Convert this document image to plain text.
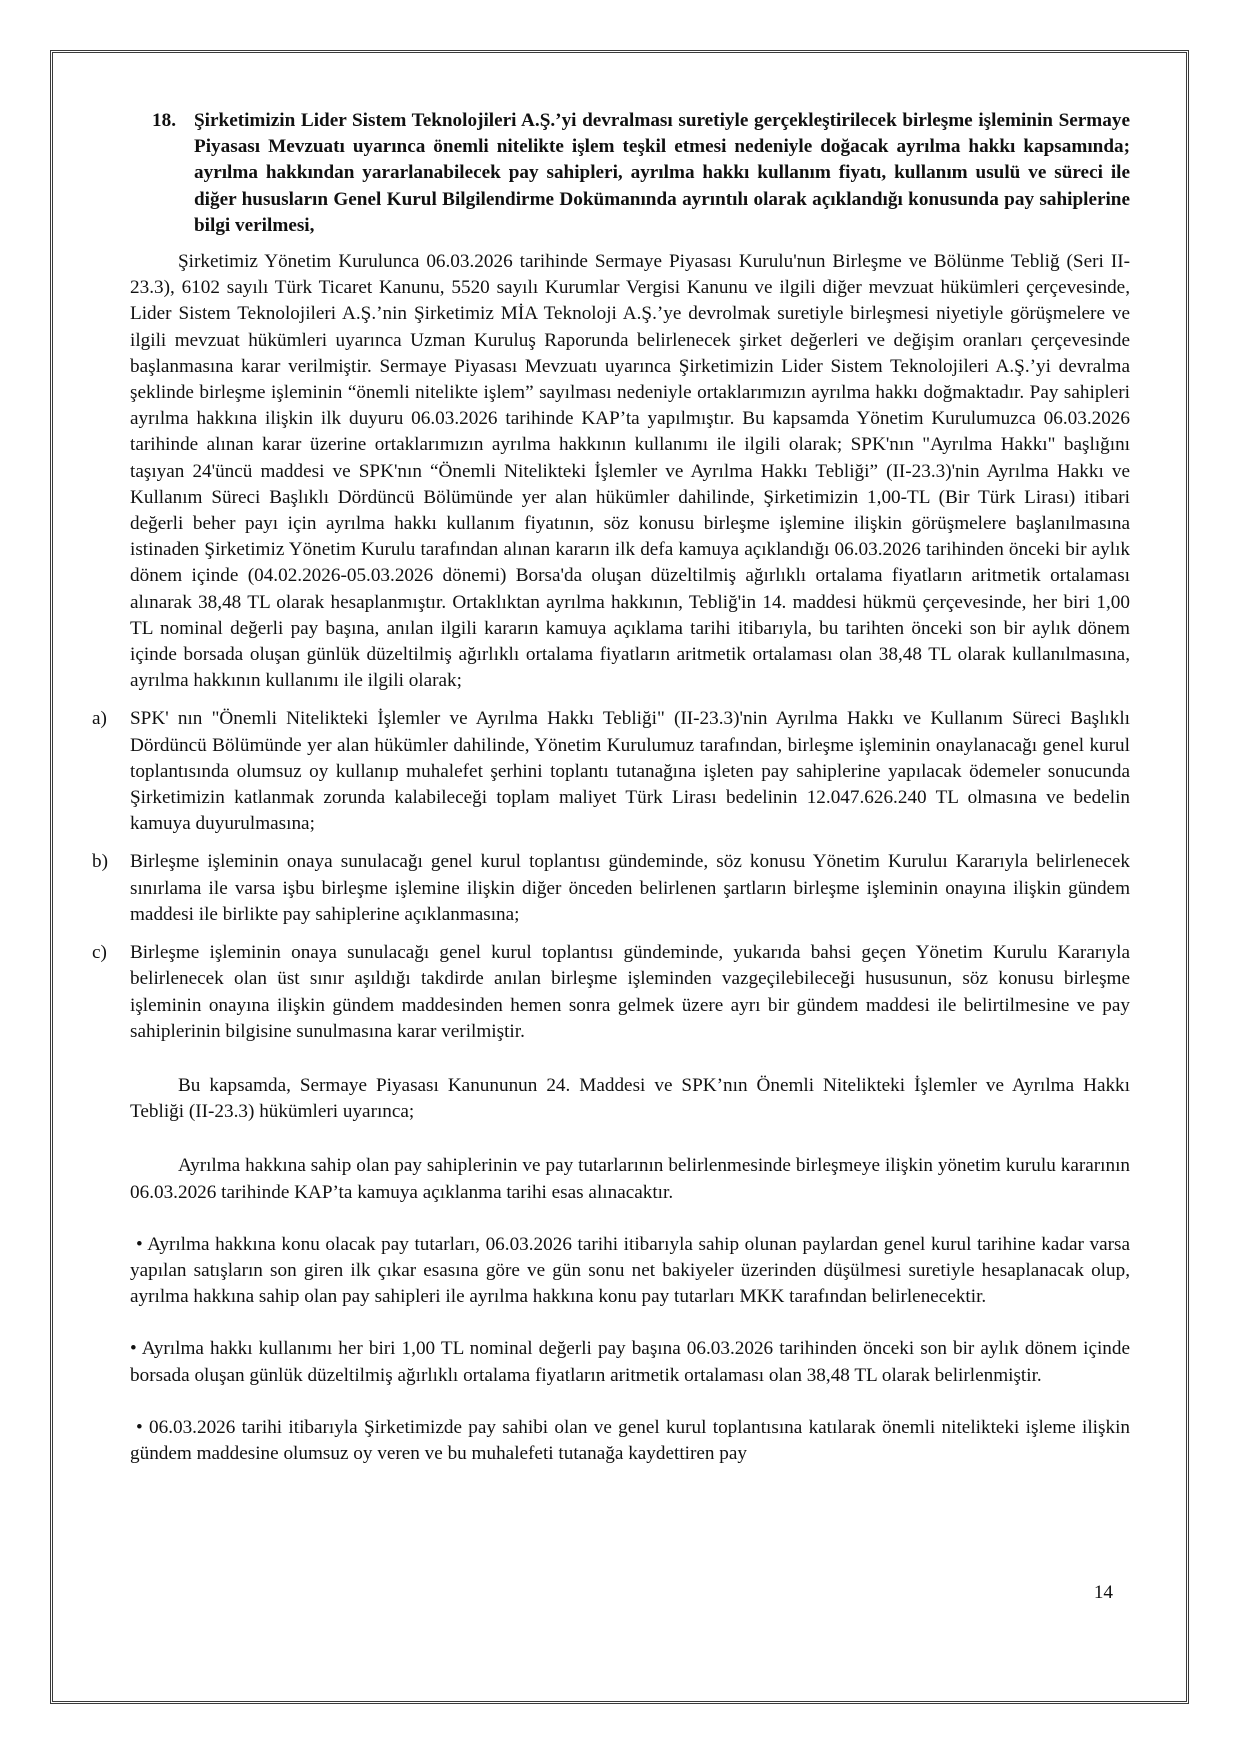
18. Şirketimizin Lider Sistem Teknolojileri A.Ş.’yi devralması suretiyle gerçekleştirilecek birleşme işleminin Sermaye Piyasası Mevzuatı uyarınca önemli nitelikte işlem teşkil etmesi nedeniyle doğacak ayrılma hakkı kapsamında; ayrılma hakkından yararlanabilecek pay sahipleri, ayrılma hakkı kullanım fiyatı, kullanım usulü ve süreci ile diğer hususların Genel Kurul Bilgilendirme Dokümanında ayrıntılı olarak açıklandığı konusunda pay sahiplerine bilgi verilmesi,

Şirketimiz Yönetim Kurulunca 06.03.2026 tarihinde Sermaye Piyasası Kurulu'nun Birleşme ve Bölünme Tebliğ (Seri II-23.3), 6102 sayılı Türk Ticaret Kanunu, 5520 sayılı Kurumlar Vergisi Kanunu ve ilgili diğer mevzuat hükümleri çerçevesinde, Lider Sistem Teknolojileri A.Ş.’nin Şirketimiz MİA Teknoloji A.Ş.’ye devrolmak suretiyle birleşmesi niyetiyle görüşmelere ve ilgili mevzuat hükümleri uyarınca Uzman Kuruluş Raporunda belirlenecek şirket değerleri ve değişim oranları çerçevesinde başlanmasına karar verilmiştir. Sermaye Piyasası Mevzuatı uyarınca Şirketimizin Lider Sistem Teknolojileri A.Ş.’yi devralma şeklinde birleşme işleminin “önemli nitelikte işlem” sayılması nedeniyle ortaklarımızın ayrılma hakkı doğmaktadır. Pay sahipleri ayrılma hakkına ilişkin ilk duyuru 06.03.2026 tarihinde KAP’ta yapılmıştır. Bu kapsamda Yönetim Kurulumuzca 06.03.2026 tarihinde alınan karar üzerine ortaklarımızın ayrılma hakkının kullanımı ile ilgili olarak; SPK'nın "Ayrılma Hakkı" başlığını taşıyan 24'üncü maddesi ve SPK'nın “Önemli Nitelikteki İşlemler ve Ayrılma Hakkı Tebliği” (II-23.3)'nin Ayrılma Hakkı ve Kullanım Süreci Başlıklı Dördüncü Bölümünde yer alan hükümler dahilinde, Şirketimizin 1,00-TL (Bir Türk Lirası) itibari değerli beher payı için ayrılma hakkı kullanım fiyatının, söz konusu birleşme işlemine ilişkin görüşmelere başlanılmasına istinaden Şirketimiz Yönetim Kurulu tarafından alınan kararın ilk defa kamuya açıklandığı 06.03.2026 tarihinden önceki bir aylık dönem içinde (04.02.2026-05.03.2026 dönemi) Borsa'da oluşan düzeltilmiş ağırlıklı ortalama fiyatların aritmetik ortalaması alınarak 38,48 TL olarak hesaplanmıştır. Ortaklıktan ayrılma hakkının, Tebliğ'in 14. maddesi hükmü çerçevesinde, her biri 1,00 TL nominal değerli pay başına, anılan ilgili kararın kamuya açıklama tarihi itibarıyla, bu tarihten önceki son bir aylık dönem içinde borsada oluşan günlük düzeltilmiş ağırlıklı ortalama fiyatların aritmetik ortalaması olan 38,48 TL olarak kullanılmasına, ayrılma hakkının kullanımı ile ilgili olarak;

a)	SPK' nın "Önemli Nitelikteki İşlemler ve Ayrılma Hakkı Tebliği" (II-23.3)'nin Ayrılma Hakkı ve Kullanım Süreci Başlıklı Dördüncü Bölümünde yer alan hükümler dahilinde, Yönetim Kurulumuz tarafından, birleşme işleminin onaylanacağı genel kurul toplantısında olumsuz oy kullanıp muhalefet şerhini toplantı tutanağına işleten pay sahiplerine yapılacak ödemeler sonucunda Şirketimizin katlanmak zorunda kalabileceği toplam maliyet Türk Lirası bedelinin 12.047.626.240 TL olmasına ve bedelin kamuya duyurulmasına;
b)	Birleşme işleminin onaya sunulacağı genel kurul toplantısı gündeminde, söz konusu Yönetim Kuruluı Kararıyla belirlenecek sınırlama ile varsa işbu birleşme işlemine ilişkin diğer önceden belirlenen şartların birleşme işleminin onayına ilişkin gündem maddesi ile birlikte pay sahiplerine açıklanmasına;
c)	Birleşme işleminin onaya sunulacağı genel kurul toplantısı gündeminde, yukarıda bahsi geçen Yönetim Kurulu Kararıyla belirlenecek olan üst sınır aşıldığı takdirde anılan birleşme işleminden vazgeçilebileceği hususunun, söz konusu birleşme işleminin onayına ilişkin gündem maddesinden hemen sonra gelmek üzere ayrı bir gündem maddesi ile belirtilmesine ve pay sahiplerinin bilgisine sunulmasına karar verilmiştir.

Bu kapsamda, Sermaye Piyasası Kanununun 24. Maddesi ve SPK’nın Önemli Nitelikteki İşlemler ve Ayrılma Hakkı Tebliği (II-23.3) hükümleri uyarınca;

Ayrılma hakkına sahip olan pay sahiplerinin ve pay tutarlarının belirlenmesinde birleşmeye ilişkin yönetim kurulu kararının 06.03.2026 tarihinde KAP’ta kamuya açıklanma tarihi esas alınacaktır.

• Ayrılma hakkına konu olacak pay tutarları, 06.03.2026 tarihi itibarıyla sahip olunan paylardan genel kurul tarihine kadar varsa yapılan satışların son giren ilk çıkar esasına göre ve gün sonu net bakiyeler üzerinden düşülmesi suretiyle hesaplanacak olup, ayrılma hakkına sahip olan pay sahipleri ile ayrılma hakkına konu pay tutarları MKK tarafından belirlenecektir.

• Ayrılma hakkı kullanımı her biri 1,00 TL nominal değerli pay başına 06.03.2026 tarihinden önceki son bir aylık dönem içinde borsada oluşan günlük düzeltilmiş ağırlıklı ortalama fiyatların aritmetik ortalaması olan 38,48 TL olarak belirlenmiştir.

• 06.03.2026 tarihi itibarıyla Şirketimizde pay sahibi olan ve genel kurul toplantısına katılarak önemli nitelikteki işleme ilişkin gündem maddesine olumsuz oy veren ve bu muhalefeti tutanağa kaydettiren pay

14
